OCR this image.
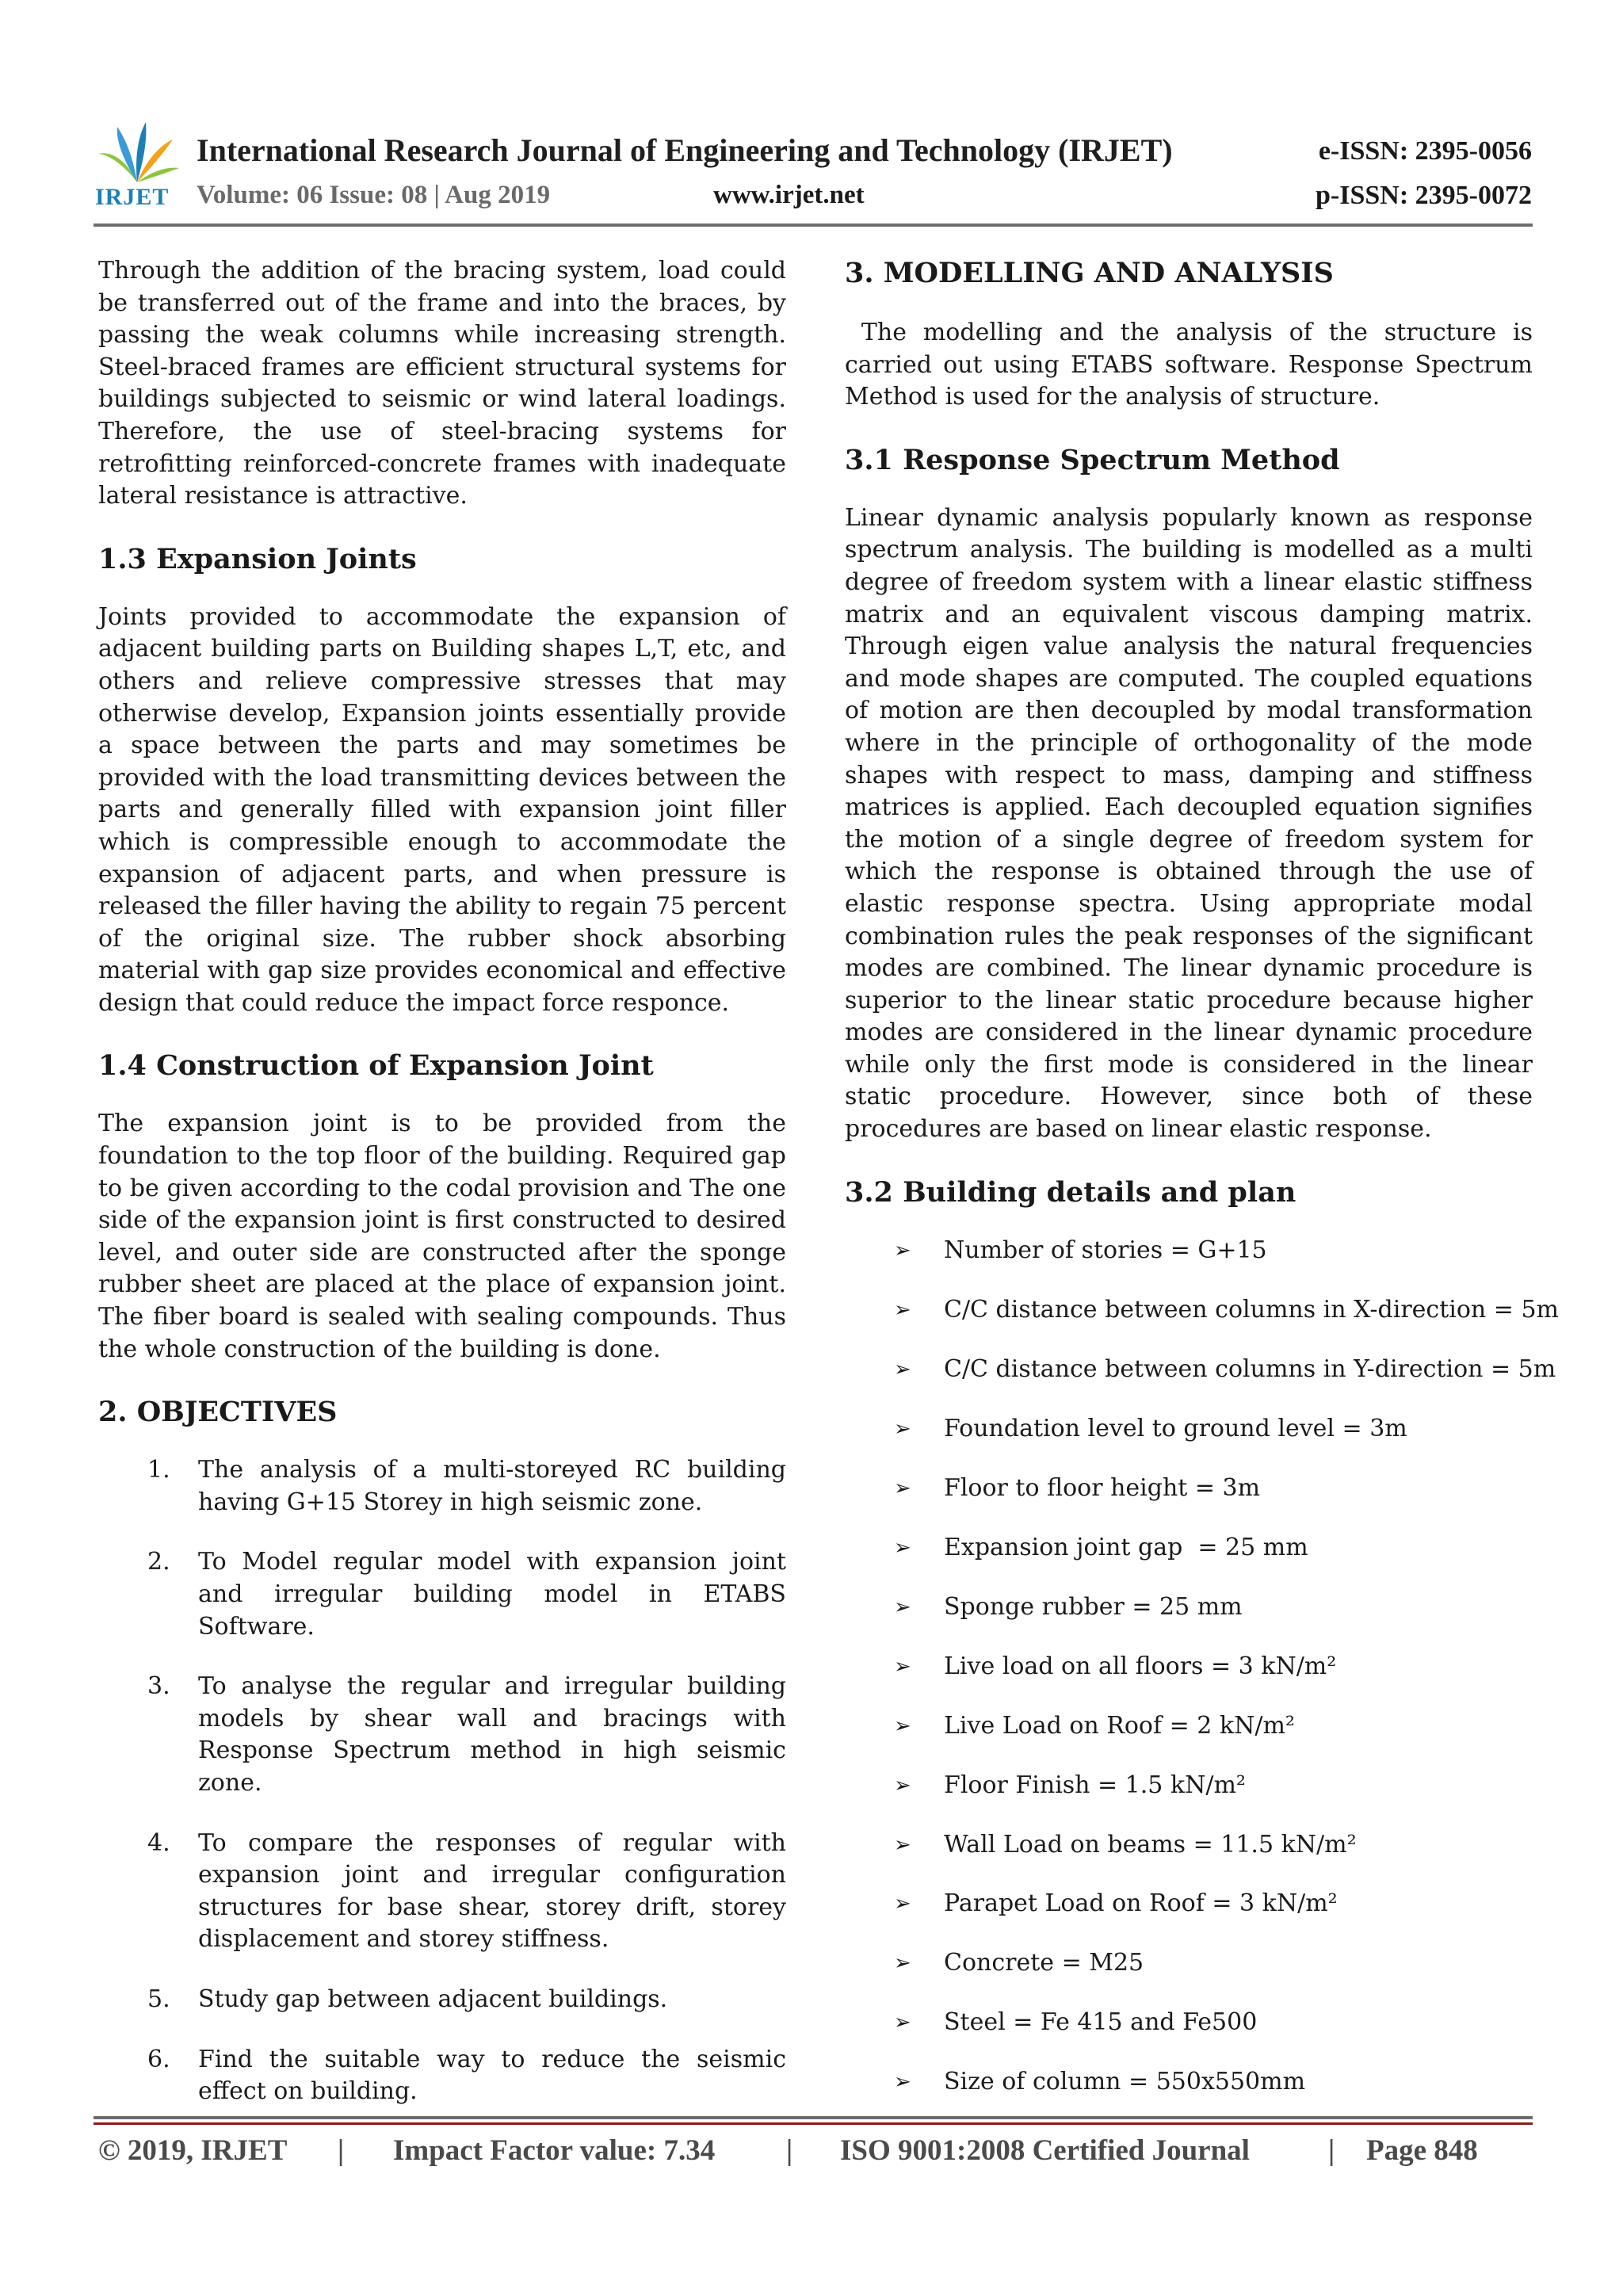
IRJET
International Research Journal of Engineering and Technology (IRJET)	e-ISSN: 2395-0056
Volume: 06 Issue: 08 | Aug 2019	www.irjet.net	p-ISSN: 2395-0072

Through the addition of the bracing system, load could be transferred out of the frame and into the braces, by passing the weak columns while increasing strength. Steel-braced frames are efficient structural systems for buildings subjected to seismic or wind lateral loadings. Therefore, the use of steel-bracing systems for retrofitting reinforced-concrete frames with inadequate lateral resistance is attractive.

1.3 Expansion Joints

Joints provided to accommodate the expansion of adjacent building parts on Building shapes L,T, etc, and others and relieve compressive stresses that may otherwise develop, Expansion joints essentially provide a space between the parts and may sometimes be provided with the load transmitting devices between the parts and generally filled with expansion joint filler which is compressible enough to accommodate the expansion of adjacent parts, and when pressure is released the filler having the ability to regain 75 percent of the original size. The rubber shock absorbing material with gap size provides economical and effective design that could reduce the impact force responce.

1.4 Construction of Expansion Joint

The expansion joint is to be provided from the foundation to the top floor of the building. Required gap to be given according to the codal provision and The one side of the expansion joint is first constructed to desired level, and outer side are constructed after the sponge rubber sheet are placed at the place of expansion joint. The fiber board is sealed with sealing compounds. Thus the whole construction of the building is done.

2. OBJECTIVES
1. The analysis of a multi-storeyed RC building having G+15 Storey in high seismic zone.
2. To Model regular model with expansion joint and irregular building model in ETABS Software.
3. To analyse the regular and irregular building models by shear wall and bracings with Response Spectrum method in high seismic zone.
4. To compare the responses of regular with expansion joint and irregular configuration structures for base shear, storey drift, storey displacement and storey stiffness.
5. Study gap between adjacent buildings.
6. Find the suitable way to reduce the seismic effect on building.
3. MODELLING AND ANALYSIS

The modelling and the analysis of the structure is carried out using ETABS software. Response Spectrum Method is used for the analysis of structure.

3.1 Response Spectrum Method

Linear dynamic analysis popularly known as response spectrum analysis. The building is modelled as a multi degree of freedom system with a linear elastic stiffness matrix and an equivalent viscous damping matrix. Through eigen value analysis the natural frequencies and mode shapes are computed. The coupled equations of motion are then decoupled by modal transformation where in the principle of orthogonality of the mode shapes with respect to mass, damping and stiffness matrices is applied. Each decoupled equation signifies the motion of a single degree of freedom system for which the response is obtained through the use of elastic response spectra. Using appropriate modal combination rules the peak responses of the significant modes are combined. The linear dynamic procedure is superior to the linear static procedure because higher modes are considered in the linear dynamic procedure while only the first mode is considered in the linear static procedure. However, since both of these procedures are based on linear elastic response.

3.2 Building details and plan
➢ Number of stories = G+15
➢ C/C distance between columns in X-direction = 5m
➢ C/C distance between columns in Y-direction = 5m
➢ Foundation level to ground level = 3m
➢ Floor to floor height = 3m
➢ Expansion joint gap  = 25 mm
➢ Sponge rubber = 25 mm
➢ Live load on all floors = 3 kN/m²
➢ Live Load on Roof = 2 kN/m²
➢ Floor Finish = 1.5 kN/m²
➢ Wall Load on beams = 11.5 kN/m²
➢ Parapet Load on Roof = 3 kN/m²
➢ Concrete = M25
➢ Steel = Fe 415 and Fe500
➢ Size of column = 550x550mm
© 2019, IRJET | Impact Factor value: 7.34 | ISO 9001:2008 Certified Journal	| Page 848
